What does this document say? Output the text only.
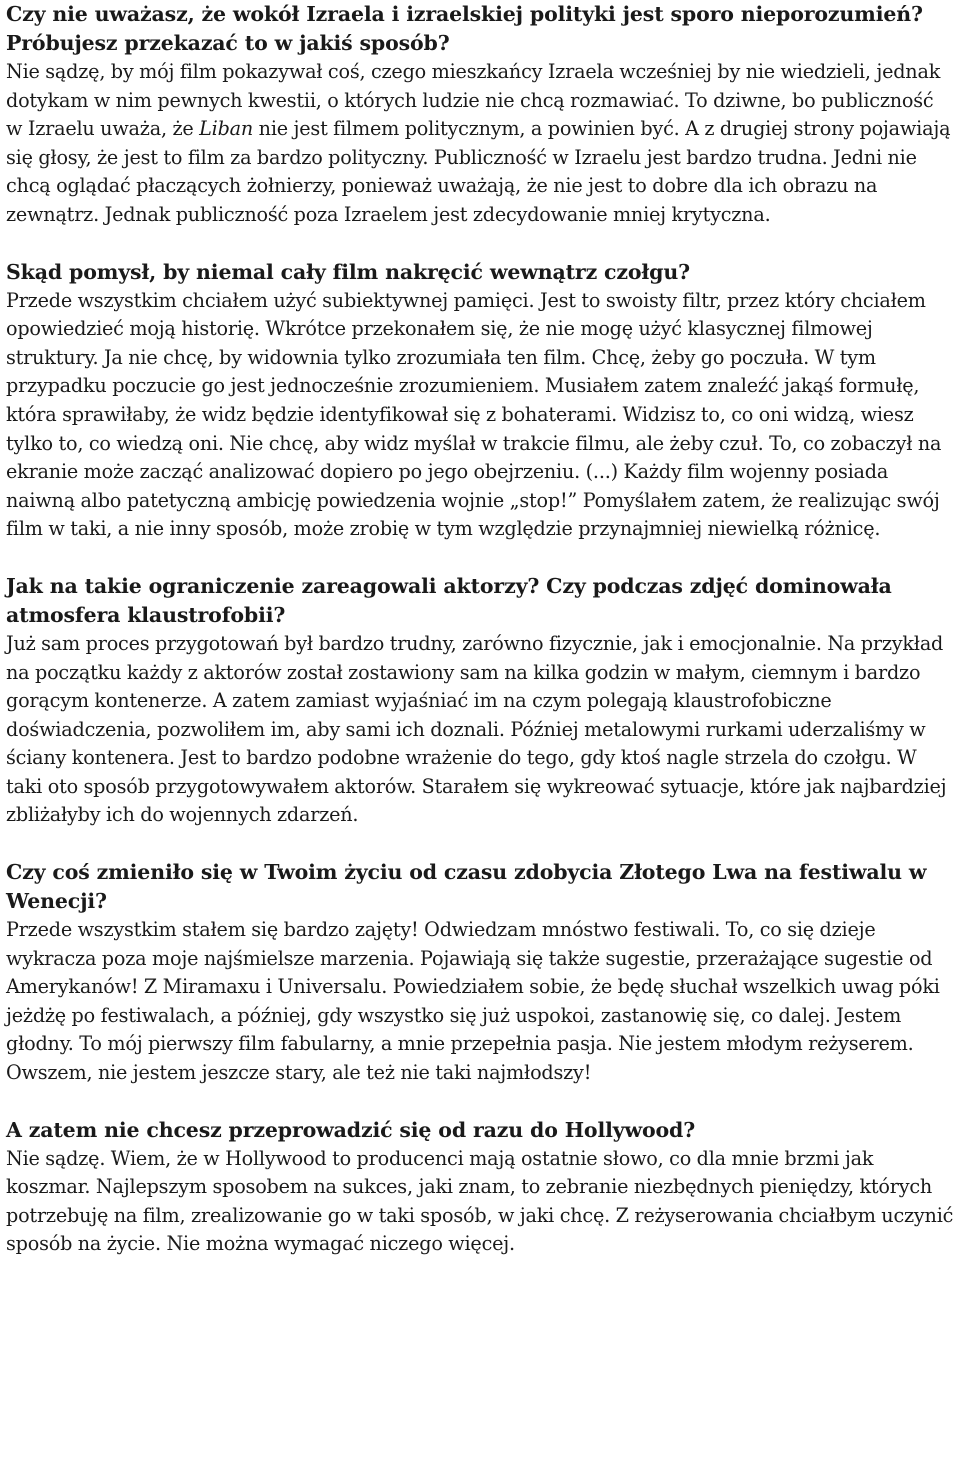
Czy nie uważasz, że wokół Izraela i izraelskiej polityki jest sporo nieporozumień? Próbujesz przekazać to w jakiś sposób?

Nie sądzę, by mój film pokazywał coś, czego mieszkańcy Izraela wcześniej by nie wiedzieli, jednak dotykam w nim pewnych kwestii, o których ludzie nie chcą rozmawiać. To dziwne, bo publiczność w Izraelu uważa, że Liban nie jest filmem politycznym, a powinien być. A z drugiej strony pojawiają się głosy, że jest to film za bardzo polityczny. Publiczność w Izraelu jest bardzo trudna. Jedni nie chcą oglądać płaczących żołnierzy, ponieważ uważają, że nie jest to dobre dla ich obrazu na zewnątrz. Jednak publiczność poza Izraelem jest zdecydowanie mniej krytyczna.

Skąd pomysł, by niemal cały film nakręcić wewnątrz czołgu?

Przede wszystkim chciałem użyć subiektywnej pamięci. Jest to swoisty filtr, przez który chciałem opowiedzieć moją historię. Wkrótce przekonałem się, że nie mogę użyć klasycznej filmowej struktury. Ja nie chcę, by widownia tylko zrozumiała ten film. Chcę, żeby go poczuła. W tym przypadku poczucie go jest jednocześnie zrozumieniem. Musiałem zatem znaleźć jakąś formułę, która sprawiłaby, że widz będzie identyfikował się z bohaterami. Widzisz to, co oni widzą, wiesz tylko to, co wiedzą oni. Nie chcę, aby widz myślał w trakcie filmu, ale żeby czuł. To, co zobaczył na ekranie może zacząć analizować dopiero po jego obejrzeniu. (...) Każdy film wojenny posiada naiwną albo patetyczną ambicję powiedzenia wojnie „stop!” Pomyślałem zatem, że realizując swój film w taki, a nie inny sposób, może zrobię w tym względzie przynajmniej niewielką różnicę.

Jak na takie ograniczenie zareagowali aktorzy? Czy podczas zdjęć dominowała atmosfera klaustrofobii?

Już sam proces przygotowań był bardzo trudny, zarówno fizycznie, jak i emocjonalnie. Na przykład na początku każdy z aktorów został zostawiony sam na kilka godzin w małym, ciemnym i bardzo gorącym kontenerze. A zatem zamiast wyjaśniać im na czym polegają klaustrofobiczne doświadczenia, pozwoliłem im, aby sami ich doznali. Później metalowymi rurkami uderzaliśmy w ściany kontenera. Jest to bardzo podobne wrażenie do tego, gdy ktoś nagle strzela do czołgu. W taki oto sposób przygotowywałem aktorów. Starałem się wykreować sytuacje, które jak najbardziej zbliżałyby ich do wojennych zdarzeń.

Czy coś zmieniło się w Twoim życiu od czasu zdobycia Złotego Lwa na festiwalu w Wenecji?

Przede wszystkim stałem się bardzo zajęty! Odwiedzam mnóstwo festiwali. To, co się dzieje wykracza poza moje najśmielsze marzenia. Pojawiają się także sugestie, przerażające sugestie od Amerykanów! Z Miramaxu i Universalu. Powiedziałem sobie, że będę słuchał wszelkich uwag póki jeżdżę po festiwalach, a później, gdy wszystko się już uspokoi, zastanowię się, co dalej. Jestem głodny. To mój pierwszy film fabularny, a mnie przepełnia pasja. Nie jestem młodym reżyserem. Owszem, nie jestem jeszcze stary, ale też nie taki najmłodszy!

A zatem nie chcesz przeprowadzić się od razu do Hollywood?

Nie sądzę. Wiem, że w Hollywood to producenci mają ostatnie słowo, co dla mnie brzmi jak koszmar. Najlepszym sposobem na sukces, jaki znam, to zebranie niezbędnych pieniędzy, których potrzebuję na film, zrealizowanie go w taki sposób, w jaki chcę. Z reżyserowania chciałbym uczynić sposób na życie. Nie można wymagać niczego więcej.
